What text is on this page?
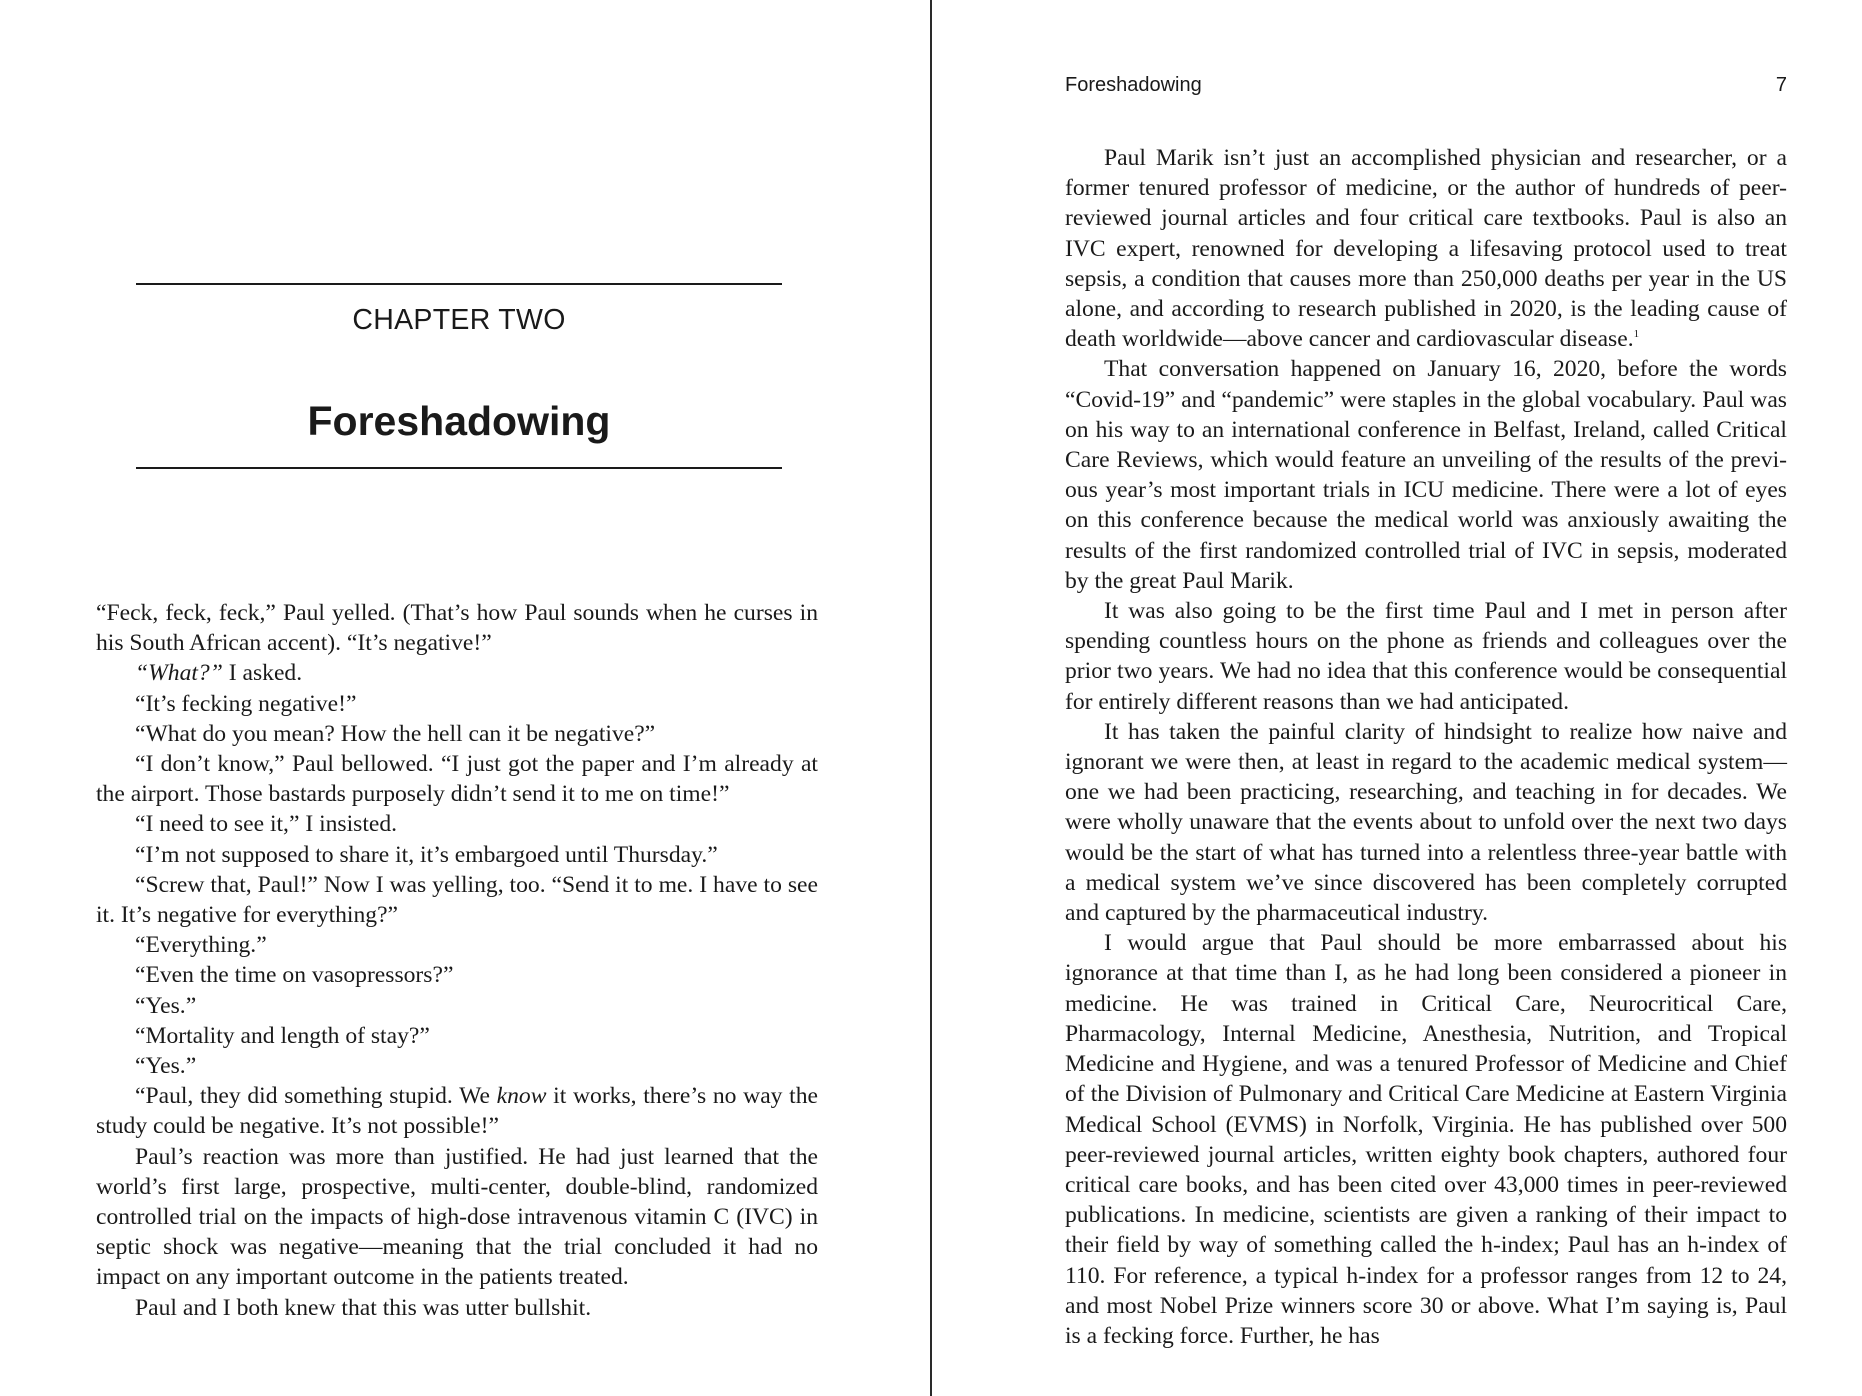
CHAPTER TWO
Foreshadowing

“Feck, feck, feck,” Paul yelled. (That’s how Paul sounds when he curses in his South African accent). “It’s negative!”

“What?” I asked.

“It’s fecking negative!”

“What do you mean? How the hell can it be negative?”

“I don’t know,” Paul bellowed. “I just got the paper and I’m already at the airport. Those bastards purposely didn’t send it to me on time!”

“I need to see it,” I insisted.

“I’m not supposed to share it, it’s embargoed until Thursday.”

“Screw that, Paul!” Now I was yelling, too. “Send it to me. I have to see it. It’s negative for everything?”

“Everything.”

“Even the time on vasopressors?”

“Yes.”

“Mortality and length of stay?”

“Yes.”

“Paul, they did something stupid. We know it works, there’s no way the study could be negative. It’s not possible!”

Paul’s reaction was more than justified. He had just learned that the world’s first large, prospective, multi-center, double-blind, randomized controlled trial on the impacts of high-dose intravenous vitamin C (IVC) in septic shock was negative—meaning that the trial concluded it had no impact on any important outcome in the patients treated.

Paul and I both knew that this was utter bullshit.

Foreshadowing	7

Paul Marik isn’t just an accomplished physician and researcher, or a former tenured professor of medicine, or the author of hundreds of peer-reviewed journal articles and four critical care textbooks. Paul is also an IVC expert, renowned for developing a lifesaving protocol used to treat sepsis, a condition that causes more than 250,000 deaths per year in the US alone, and according to research published in 2020, is the leading cause of death worldwide—above cancer and cardiovascular disease.$^1$

That conversation happened on January 16, 2020, before the words “Covid-19” and “pandemic” were staples in the global vocabulary. Paul was on his way to an international conference in Belfast, Ireland, called Critical Care Reviews, which would feature an unveiling of the results of the previous year’s most important trials in ICU medicine. There were a lot of eyes on this conference because the medical world was anxiously awaiting the results of the first randomized controlled trial of IVC in sepsis, moderated by the great Paul Marik.

It was also going to be the first time Paul and I met in person after spending countless hours on the phone as friends and colleagues over the prior two years. We had no idea that this conference would be consequential for entirely different reasons than we had anticipated.

It has taken the painful clarity of hindsight to realize how naive and ignorant we were then, at least in regard to the academic medical system—one we had been practicing, researching, and teaching in for decades. We were wholly unaware that the events about to unfold over the next two days would be the start of what has turned into a relentless three-year battle with a medical system we’ve since discovered has been completely corrupted and captured by the pharmaceutical industry.

I would argue that Paul should be more embarrassed about his ignorance at that time than I, as he had long been considered a pioneer in medicine. He was trained in Critical Care, Neurocritical Care, Pharmacology, Internal Medicine, Anesthesia, Nutrition, and Tropical Medicine and Hygiene, and was a tenured Professor of Medicine and Chief of the Division of Pulmonary and Critical Care Medicine at Eastern Virginia Medical School (EVMS) in Norfolk, Virginia. He has published over 500 peer-reviewed journal articles, written eighty book chapters, authored four critical care books, and has been cited over 43,000 times in peer-reviewed publications. In medicine, scientists are given a ranking of their impact to their field by way of something called the h-index; Paul has an h-index of 110. For reference, a typical h-index for a professor ranges from 12 to 24, and most Nobel Prize winners score 30 or above. What I’m saying is, Paul is a fecking force. Further, he has
